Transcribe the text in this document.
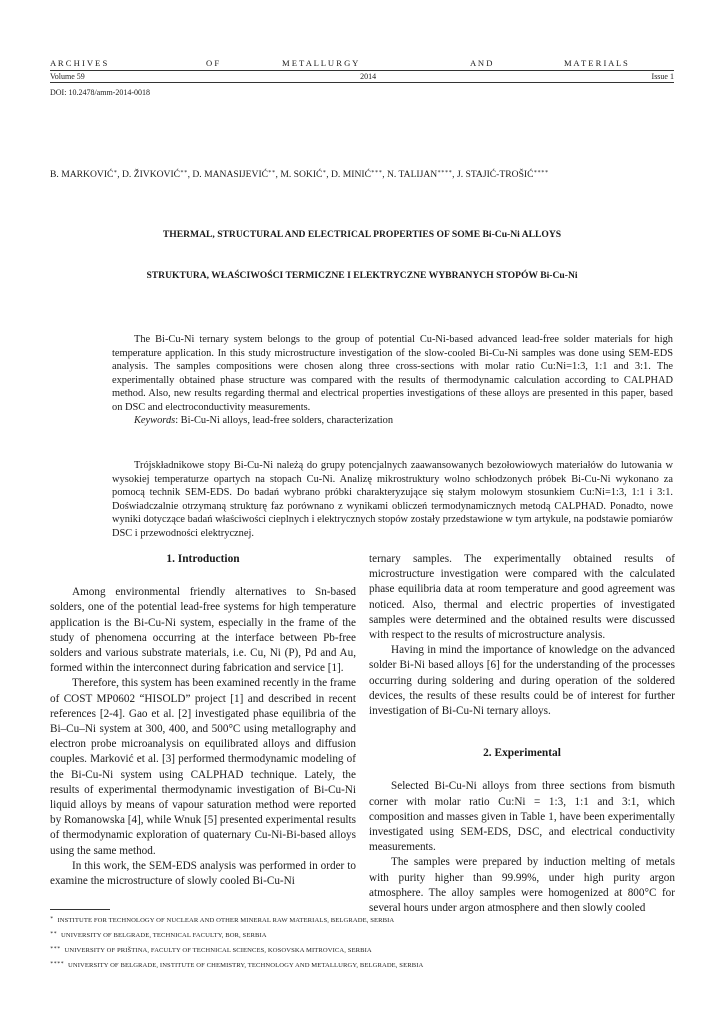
A R C H I V E S	O F	M E T A L L U R G Y	A N D	M A T E R I A L S
Volume 59	2014	Issue 1
DOI: 10.2478/amm-2014-0018
B. MARKOVIĆ∗, D. ŽIVKOVIĆ∗∗, D. MANASIJEVIĆ∗∗, M. SOKIĆ∗, D. MINIĆ∗∗∗, N. TALIJAN∗∗∗∗, J. STAJIĆ-TROŠIĆ∗∗∗∗
THERMAL, STRUCTURAL AND ELECTRICAL PROPERTIES OF SOME Bi-Cu-Ni ALLOYS
STRUKTURA, WŁAŚCIWOŚCI TERMICZNE I ELEKTRYCZNE WYBRANYCH STOPÓW Bi-Cu-Ni

The Bi-Cu-Ni ternary system belongs to the group of potential Cu-Ni-based advanced lead-free solder materials for high temperature application. In this study microstructure investigation of the slow-cooled Bi-Cu-Ni samples was done using SEM-EDS analysis. The samples compositions were chosen along three cross-sections with molar ratio Cu:Ni=1:3, 1:1 and 3:1. The experimentally obtained phase structure was compared with the results of thermodynamic calculation according to CALPHAD method. Also, new results regarding thermal and electrical properties investigations of these alloys are presented in this paper, based on DSC and electroconductivity measurements.

Keywords: Bi-Cu-Ni alloys, lead-free solders, characterization

Trójskładnikowe stopy Bi-Cu-Ni należą do grupy potencjalnych zaawansowanych bezołowiowych materiałów do lutowania w wysokiej temperaturze opartych na stopach Cu-Ni. Analizę mikrostruktury wolno schłodzonych próbek Bi-Cu-Ni wykonano za pomocą technik SEM-EDS. Do badań wybrano próbki charakteryzujące się stałym molowym stosunkiem Cu:Ni=1:3, 1:1 i 3:1. Doświadczalnie otrzymaną strukturę faz porównano z wynikami obliczeń termodynamicznych metodą CALPHAD. Ponadto, nowe wyniki dotyczące badań właściwości cieplnych i elektrycznych stopów zostały przedstawione w tym artykule, na podstawie pomiarów DSC i przewodności elektrycznej.

1. Introduction

Among environmental friendly alternatives to Sn-based solders, one of the potential lead-free systems for high temperature application is the Bi-Cu-Ni system, especially in the frame of the study of phenomena occurring at the interface between Pb-free solders and various substrate materials, i.e. Cu, Ni (P), Pd and Au, formed within the interconnect during fabrication and service [1].

Therefore, this system has been examined recently in the frame of COST MP0602 “HISOLD” project [1] and described in recent references [2-4]. Gao et al. [2] investigated phase equilibria of the Bi–Cu–Ni system at 300, 400, and 500°C using metallography and electron probe microanalysis on equilibrated alloys and diffusion couples. Marković et al. [3] performed thermodynamic modeling of the Bi-Cu-Ni system using CALPHAD technique. Lately, the results of experimental thermodynamic investigation of Bi-Cu-Ni liquid alloys by means of vapour saturation method were reported by Romanowska [4], while Wnuk [5] presented experimental results of thermodynamic exploration of quaternary Cu-Ni-Bi-based alloys using the same method.

In this work, the SEM-EDS analysis was performed in order to examine the microstructure of slowly cooled Bi-Cu-Ni

ternary samples. The experimentally obtained results of microstructure investigation were compared with the calculated phase equilibria data at room temperature and good agreement was noticed. Also, thermal and electric properties of investigated samples were determined and the obtained results were discussed with respect to the results of microstructure analysis.

Having in mind the importance of knowledge on the advanced solder Bi-Ni based alloys [6] for the understanding of the processes occurring during soldering and during operation of the soldered devices, the results of these results could be of interest for further investigation of Bi-Cu-Ni ternary alloys.

2. Experimental

Selected Bi-Cu-Ni alloys from three sections from bismuth corner with molar ratio Cu:Ni = 1:3, 1:1 and 3:1, which composition and masses given in Table 1, have been experimentally investigated using SEM-EDS, DSC, and electrical conductivity measurements.

The samples were prepared by induction melting of metals with purity higher than 99.99%, under high purity argon atmosphere. The alloy samples were homogenized at 800°C for several hours under argon atmosphere and then slowly cooled

∗ INSTITUTE FOR TECHNOLOGY OF NUCLEAR AND OTHER MINERAL RAW MATERIALS, BELGRADE, SERBIA
∗∗ UNIVERSITY OF BELGRADE, TECHNICAL FACULTY, BOR, SERBIA
∗∗∗ UNIVERSITY OF PRIŠTINA, FACULTY OF TECHNICAL SCIENCES, KOSOVSKA MITROVICA, SERBIA
∗∗∗∗ UNIVERSITY OF BELGRADE, INSTITUTE OF CHEMISTRY, TECHNOLOGY AND METALLURGY, BELGRADE, SERBIA
